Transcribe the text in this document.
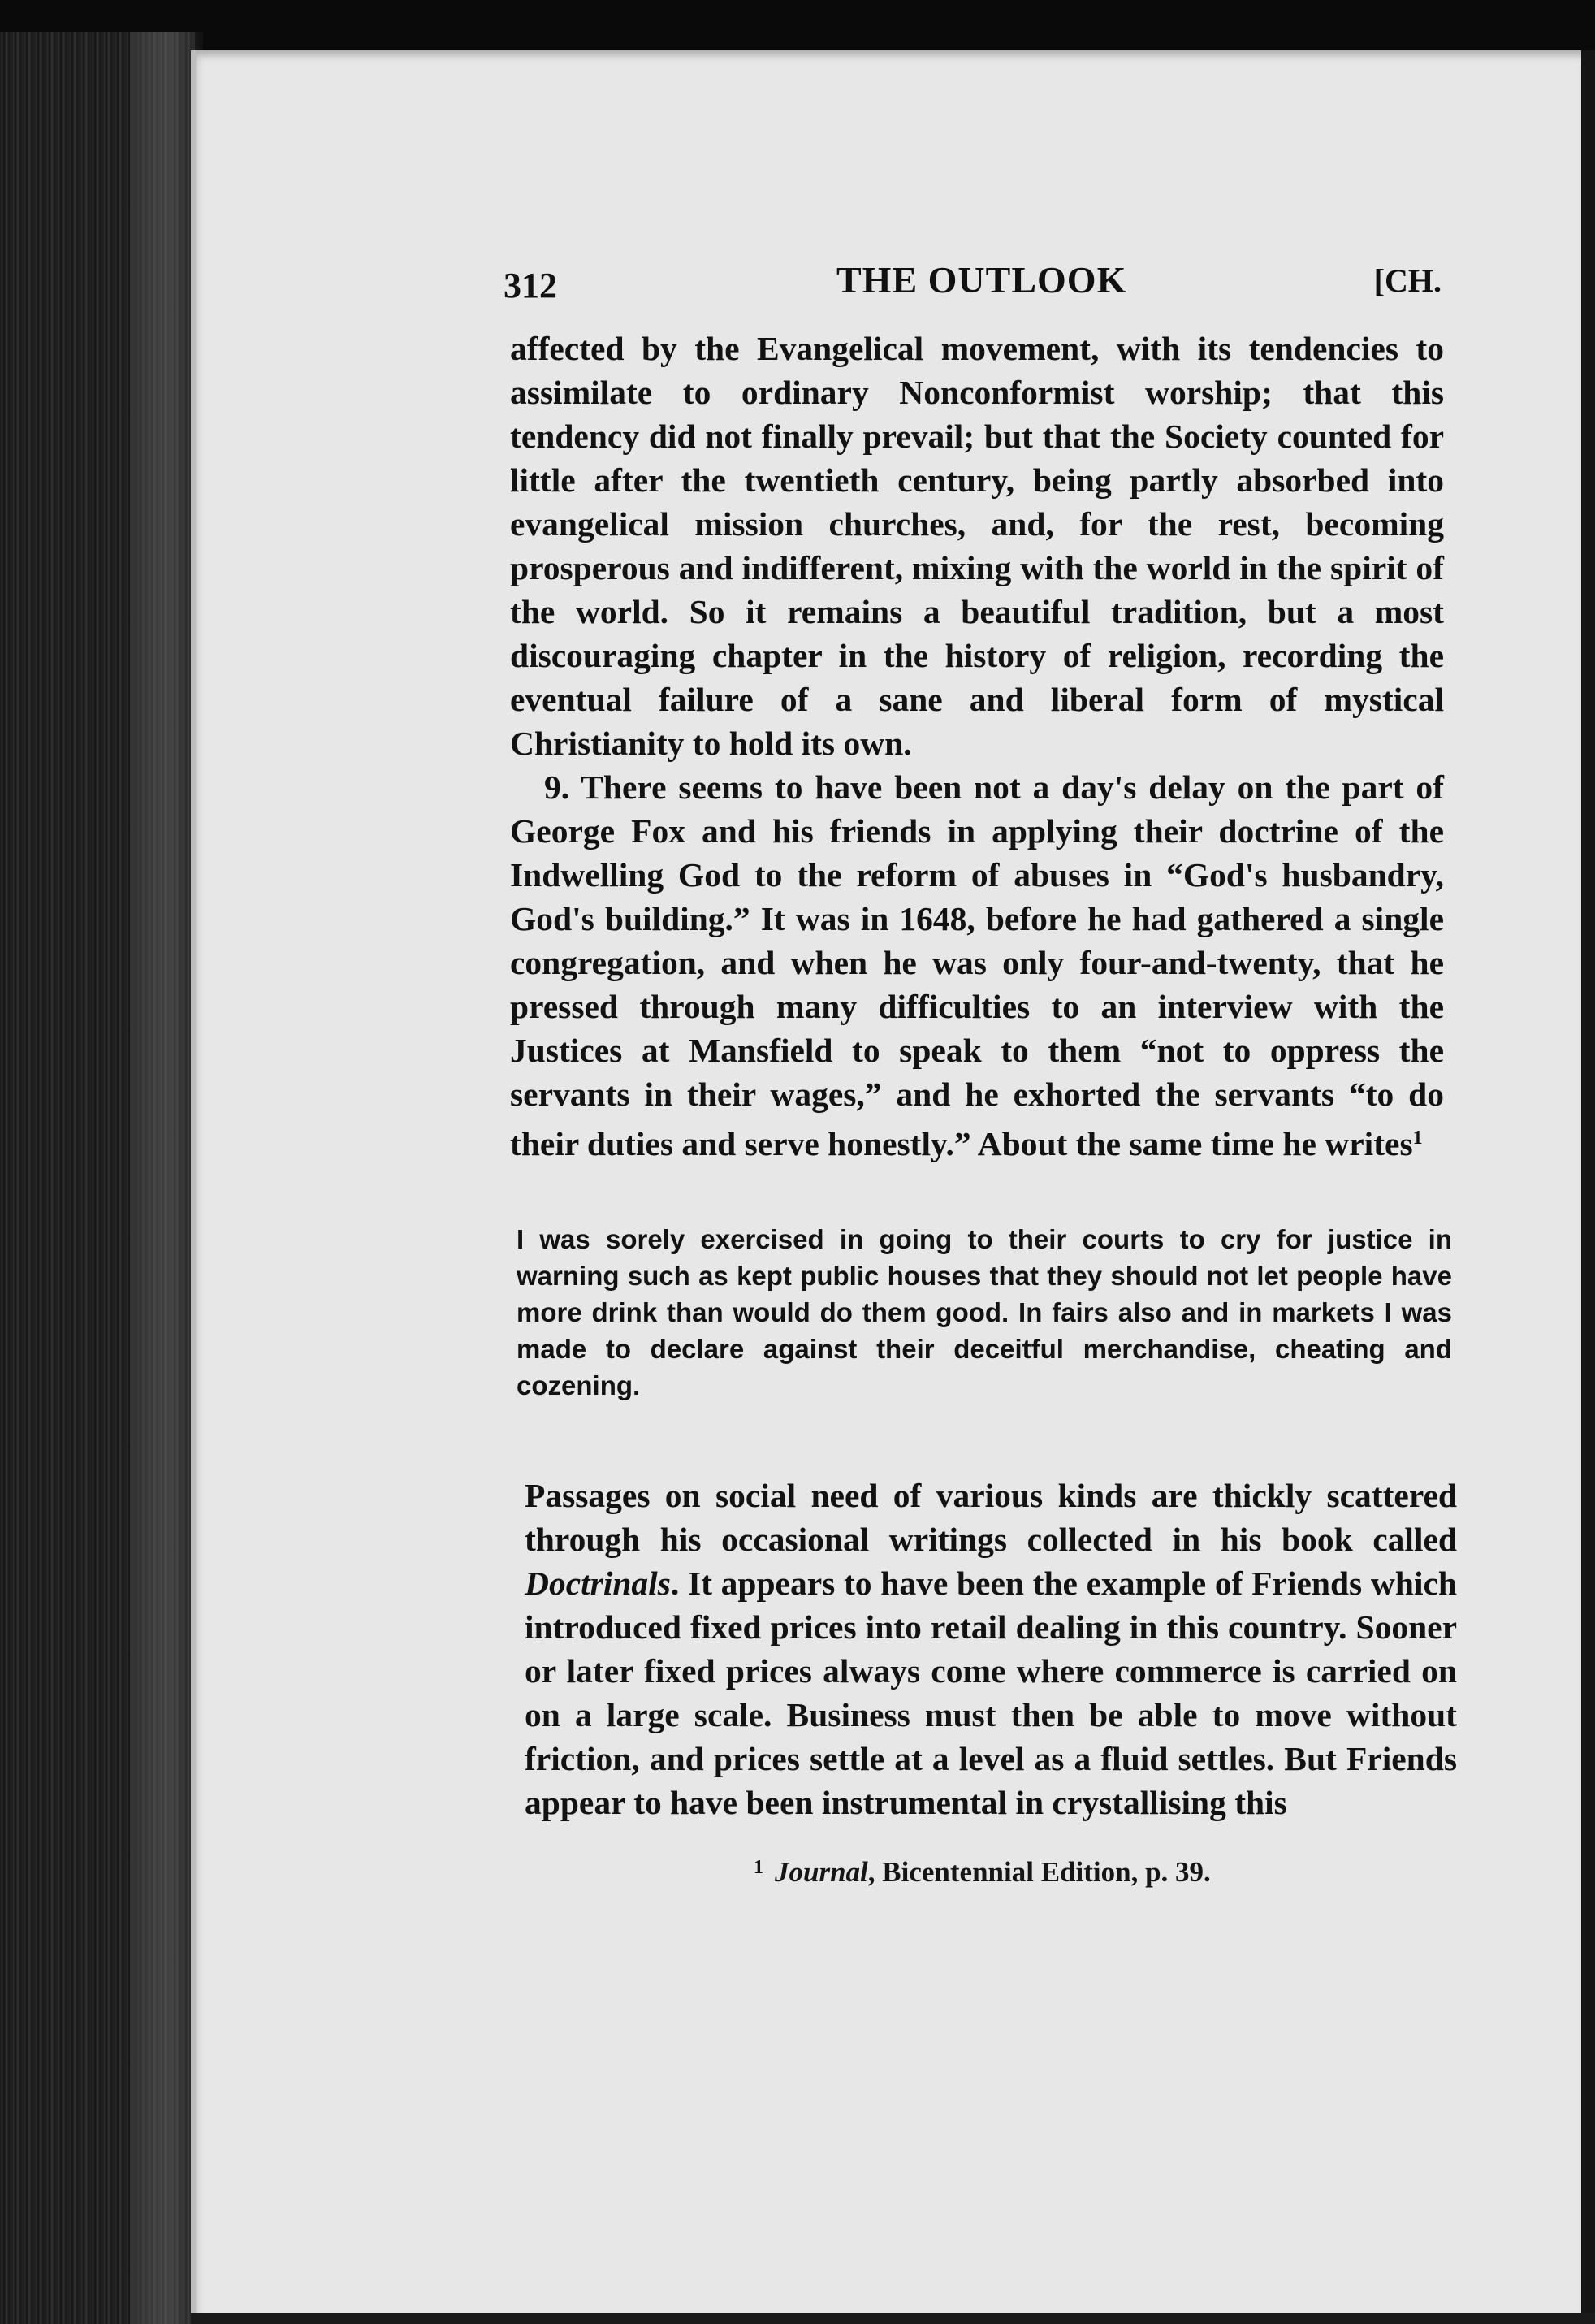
312	THE OUTLOOK	[CH.

affected by the Evangelical movement, with its tendencies to assimilate to ordinary Nonconformist worship; that this tendency did not finally prevail; but that the Society counted for little after the twentieth century, being partly absorbed into evangelical mission churches, and, for the rest, becoming prosperous and indifferent, mixing with the world in the spirit of the world. So it remains a beautiful tradition, but a most discouraging chapter in the history of religion, recording the eventual failure of a sane and liberal form of mystical Christianity to hold its own.

9. There seems to have been not a day's delay on the part of George Fox and his friends in applying their doctrine of the Indwelling God to the reform of abuses in “God's husbandry, God's building.” It was in 1648, before he had gathered a single congregation, and when he was only four-and-twenty, that he pressed through many difficulties to an interview with the Justices at Mansfield to speak to them “not to oppress the servants in their wages,” and he exhorted the servants “to do their duties and serve honestly.” About the same time he writes$^1$

I was sorely exercised in going to their courts to cry for justice in warning such as kept public houses that they should not let people have more drink than would do them good. In fairs also and in markets I was made to declare against their deceitful merchandise, cheating and cozening.

Passages on social need of various kinds are thickly scattered through his occasional writings collected in his book called Doctrinals. It appears to have been the example of Friends which introduced fixed prices into retail dealing in this country. Sooner or later fixed prices always come where commerce is carried on on a large scale. Business must then be able to move without friction, and prices settle at a level as a fluid settles. But Friends appear to have been instrumental in crystallising this

$^1$ Journal, Bicentennial Edition, p. 39.
